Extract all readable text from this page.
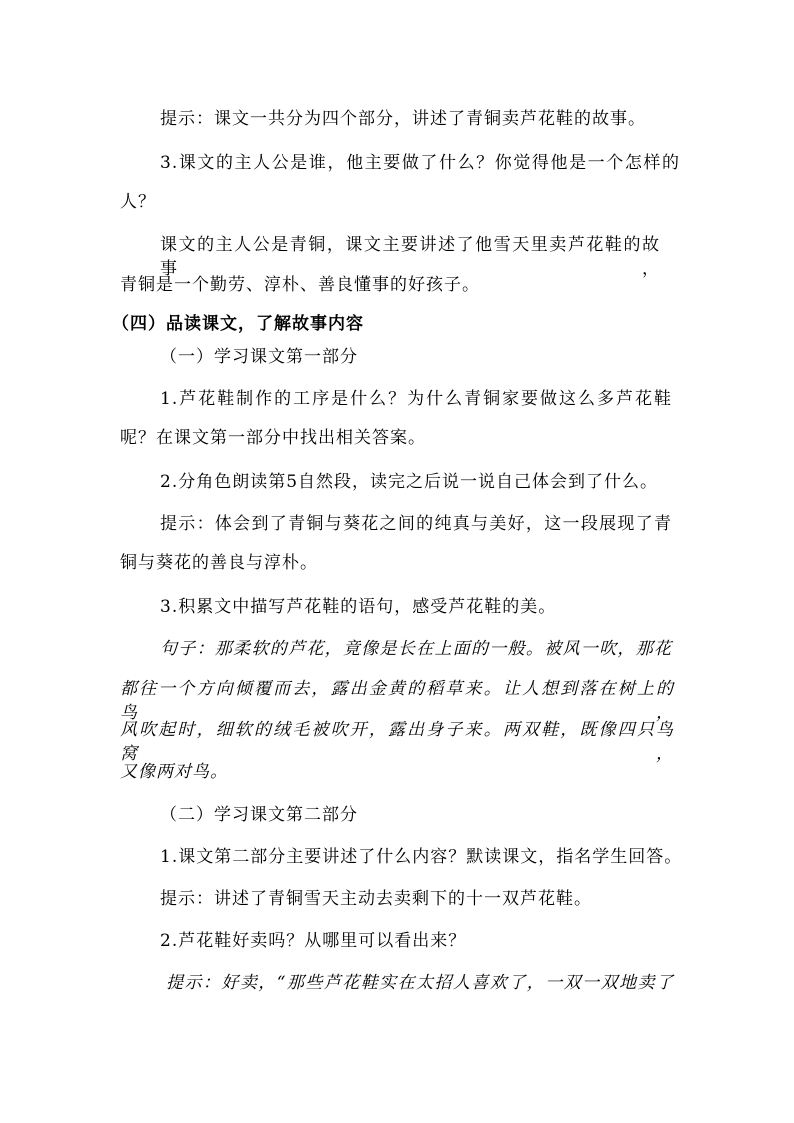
提示：课文一共分为四个部分，讲述了青铜卖芦花鞋的故事。
3.课文的主人公是谁，他主要做了什么？你觉得他是一个怎样的
人？
课文的主人公是青铜，课文主要讲述了他雪天里卖芦花鞋的故事，
青铜是一个勤劳、淳朴、善良懂事的好孩子。
（四）品读课文，了解故事内容
（一）学习课文第一部分
1.芦花鞋制作的工序是什么？为什么青铜家要做这么多芦花鞋
呢？在课文第一部分中找出相关答案。
2.分角色朗读第5自然段，读完之后说一说自己体会到了什么。
提示：体会到了青铜与葵花之间的纯真与美好，这一段展现了青
铜与葵花的善良与淳朴。
3.积累文中描写芦花鞋的语句，感受芦花鞋的美。
句子：那柔软的芦花，竟像是长在上面的一般。被风一吹，那花
都往一个方向倾覆而去，露出金黄的稻草来。让人想到落在树上的鸟，
风吹起时，细软的绒毛被吹开，露出身子来。两双鞋，既像四只鸟窝，
又像两对鸟。
（二）学习课文第二部分
1.课文第二部分主要讲述了什么内容？默读课文，指名学生回答。
提示：讲述了青铜雪天主动去卖剩下的十一双芦花鞋。
2.芦花鞋好卖吗？从哪里可以看出来？
提示：好卖，“那些芦花鞋实在太招人喜欢了，一双一双地卖了
